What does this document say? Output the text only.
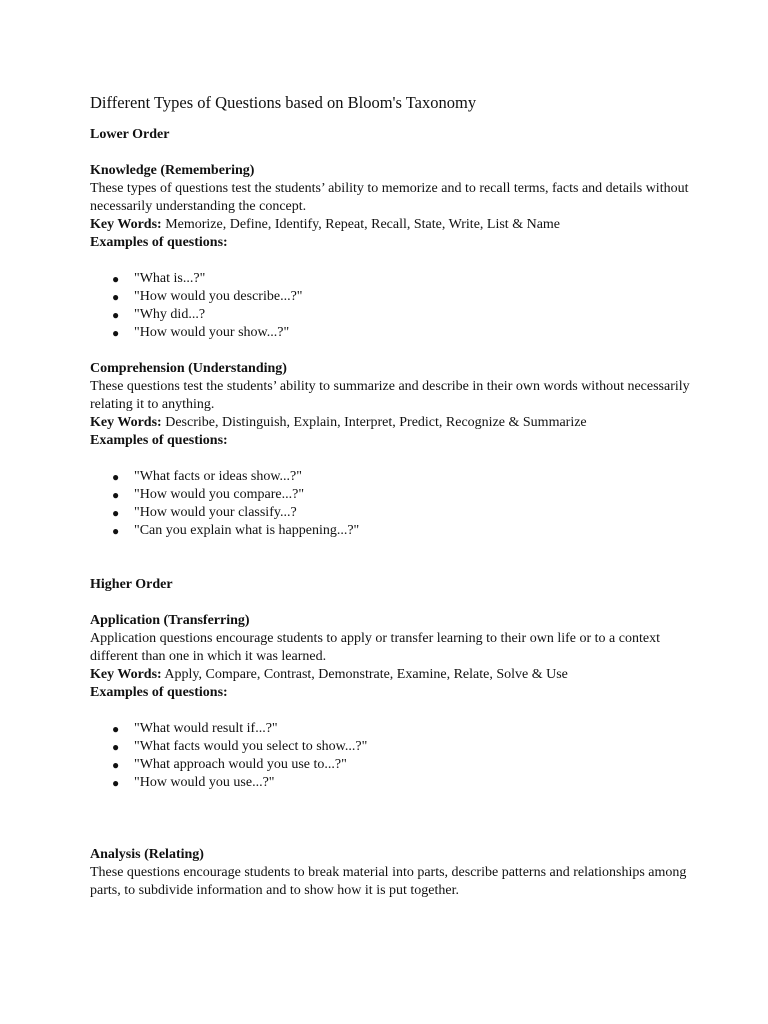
Different Types of Questions based on Bloom's Taxonomy
Lower Order
Knowledge (Remembering)

These types of questions test the students’ ability to memorize and to recall terms, facts and details without necessarily understanding the concept.

Key Words: Memorize, Define, Identify, Repeat, Recall, State, Write, List & Name

Examples of questions:
● "What is...?"
● "How would you describe...?"
● "Why did...?
● "How would your show...?"
Comprehension (Understanding)

These questions test the students’ ability to summarize and describe in their own words without necessarily relating it to anything.

Key Words: Describe, Distinguish, Explain, Interpret, Predict, Recognize & Summarize

Examples of questions:
● "What facts or ideas show...?"
● "How would you compare...?"
● "How would your classify...?
● "Can you explain what is happening...?"
Higher Order
Application (Transferring)

Application questions encourage students to apply or transfer learning to their own life or to a context different than one in which it was learned.

Key Words: Apply, Compare, Contrast, Demonstrate, Examine, Relate, Solve & Use

Examples of questions:
● "What would result if...?"
● "What facts would you select to show...?"
● "What approach would you use to...?"
● "How would you use...?"
Analysis (Relating)

These questions encourage students to break material into parts, describe patterns and relationships among parts, to subdivide information and to show how it is put together.
